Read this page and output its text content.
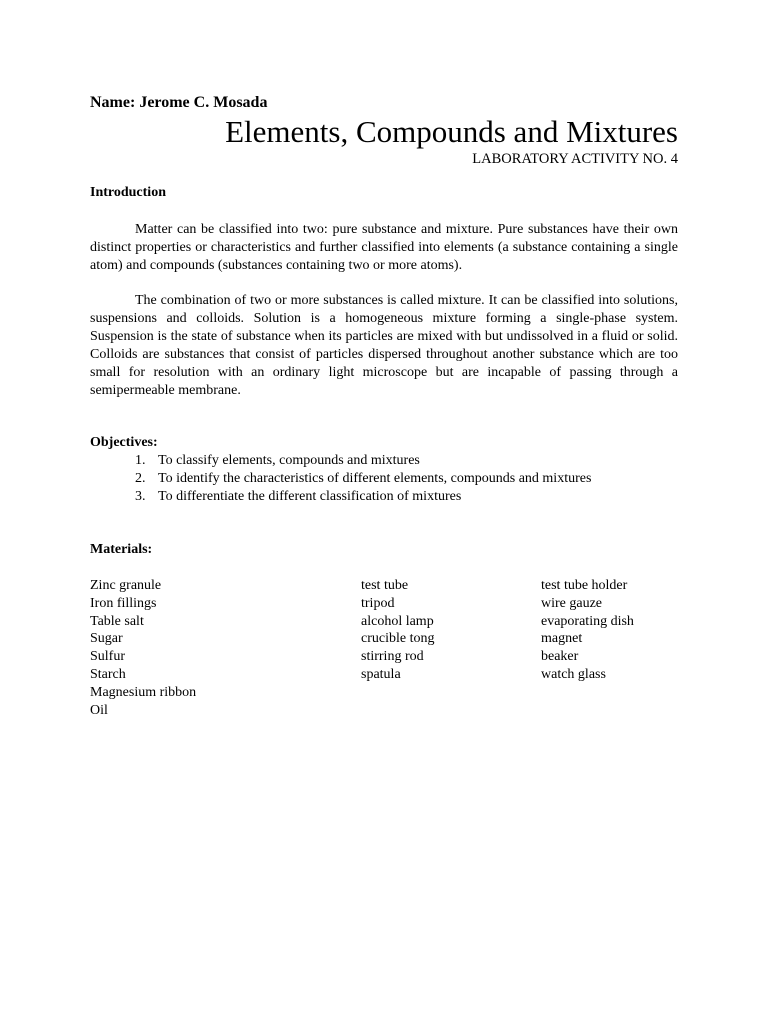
Name: Jerome C. Mosada
Elements, Compounds and Mixtures
LABORATORY ACTIVITY NO. 4
Introduction

Matter can be classified into two: pure substance and mixture. Pure substances have their own distinct properties or characteristics and further classified into elements (a substance containing a single atom) and compounds (substances containing two or more atoms).

The combination of two or more substances is called mixture. It can be classified into solutions, suspensions and colloids. Solution is a homogeneous mixture forming a single-phase system. Suspension is the state of substance when its particles are mixed with but undissolved in a fluid or solid. Colloids are substances that consist of particles dispersed throughout another substance which are too small for resolution with an ordinary light microscope but are incapable of passing through a semipermeable membrane.

Objectives:
1. To classify elements, compounds and mixtures
2. To identify the characteristics of different elements, compounds and mixtures
3. To differentiate the different classification of mixtures
Materials:
Zinc granule
Iron fillings
Table salt
Sugar
Sulfur
Starch
Magnesium ribbon
Oil
test tube
tripod
alcohol lamp
crucible tong
stirring rod
spatula
test tube holder
wire gauze
evaporating dish
magnet
beaker
watch glass
